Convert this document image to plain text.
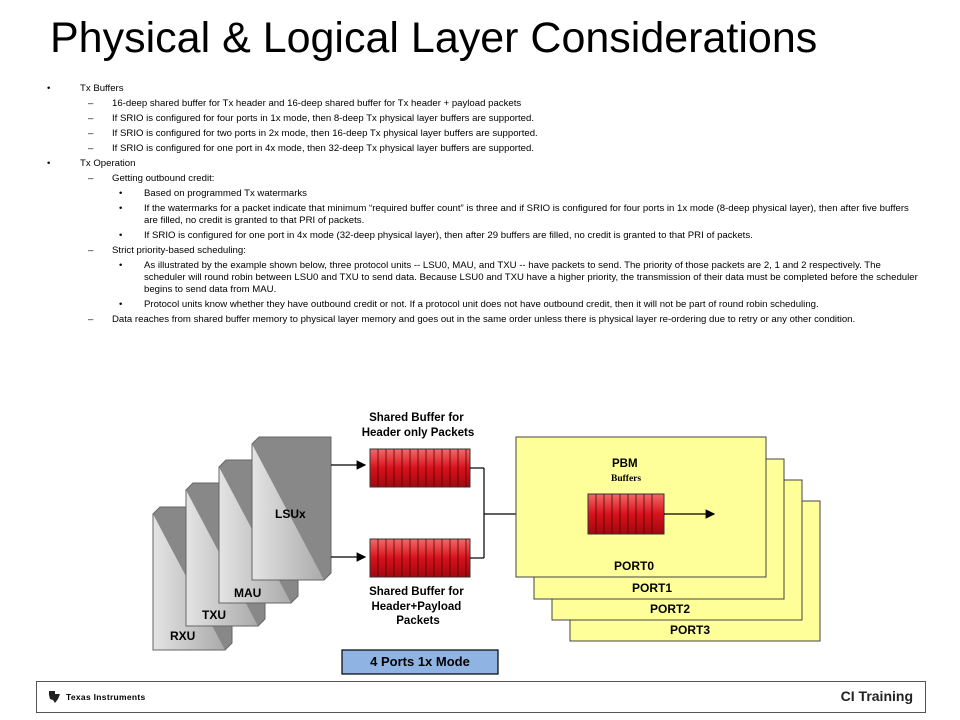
Physical & Logical Layer Considerations
•	Tx Buffers
– 16-deep shared buffer for Tx header and 16-deep shared buffer for Tx header + payload packets
– If SRIO is configured for four ports in 1x mode, then 8-deep Tx physical layer buffers are supported.
– If SRIO is configured for two ports in 2x mode, then 16-deep Tx physical layer buffers are supported.
– If SRIO is configured for one port in 4x mode, then 32-deep Tx physical layer buffers are supported.
•	Tx Operation
– Getting outbound credit:
• Based on programmed Tx watermarks
• If the watermarks for a packet indicate that minimum “required buffer count” is three and if SRIO is configured for four ports in 1x mode (8-deep physical layer), then after five buffers are filled, no credit is granted to that PRI of packets.
• If SRIO is configured for one port in 4x mode (32-deep physical layer), then after 29 buffers are filled, no credit is granted to that PRI of packets.
– Strict priority-based scheduling:
• As illustrated by the example shown below, three protocol units -- LSU0, MAU, and TXU -- have packets to send. The priority of those packets are 2, 1 and 2 respectively. The scheduler will round robin between LSU0 and TXU to send data. Because LSU0 and TXU have a higher priority, the transmission of their data must be completed before the scheduler begins to send data from MAU.
• Protocol units know whether they have outbound credit or not. If a protocol unit does not have outbound credit, then it will not be part of round robin scheduling.
– Data reaches from shared buffer memory to physical layer memory and goes out in the same order unless there is physical layer re-ordering due to retry or any other condition.
RXU
TXU
MAU
LSUx
Shared Buffer for Header only Packets
Shared Buffer for Header+Payload Packets
PORT3
PORT2
PORT1
PORT0
PBM
Buffers
4 Ports 1x Mode
Texas Instruments	CI Training
